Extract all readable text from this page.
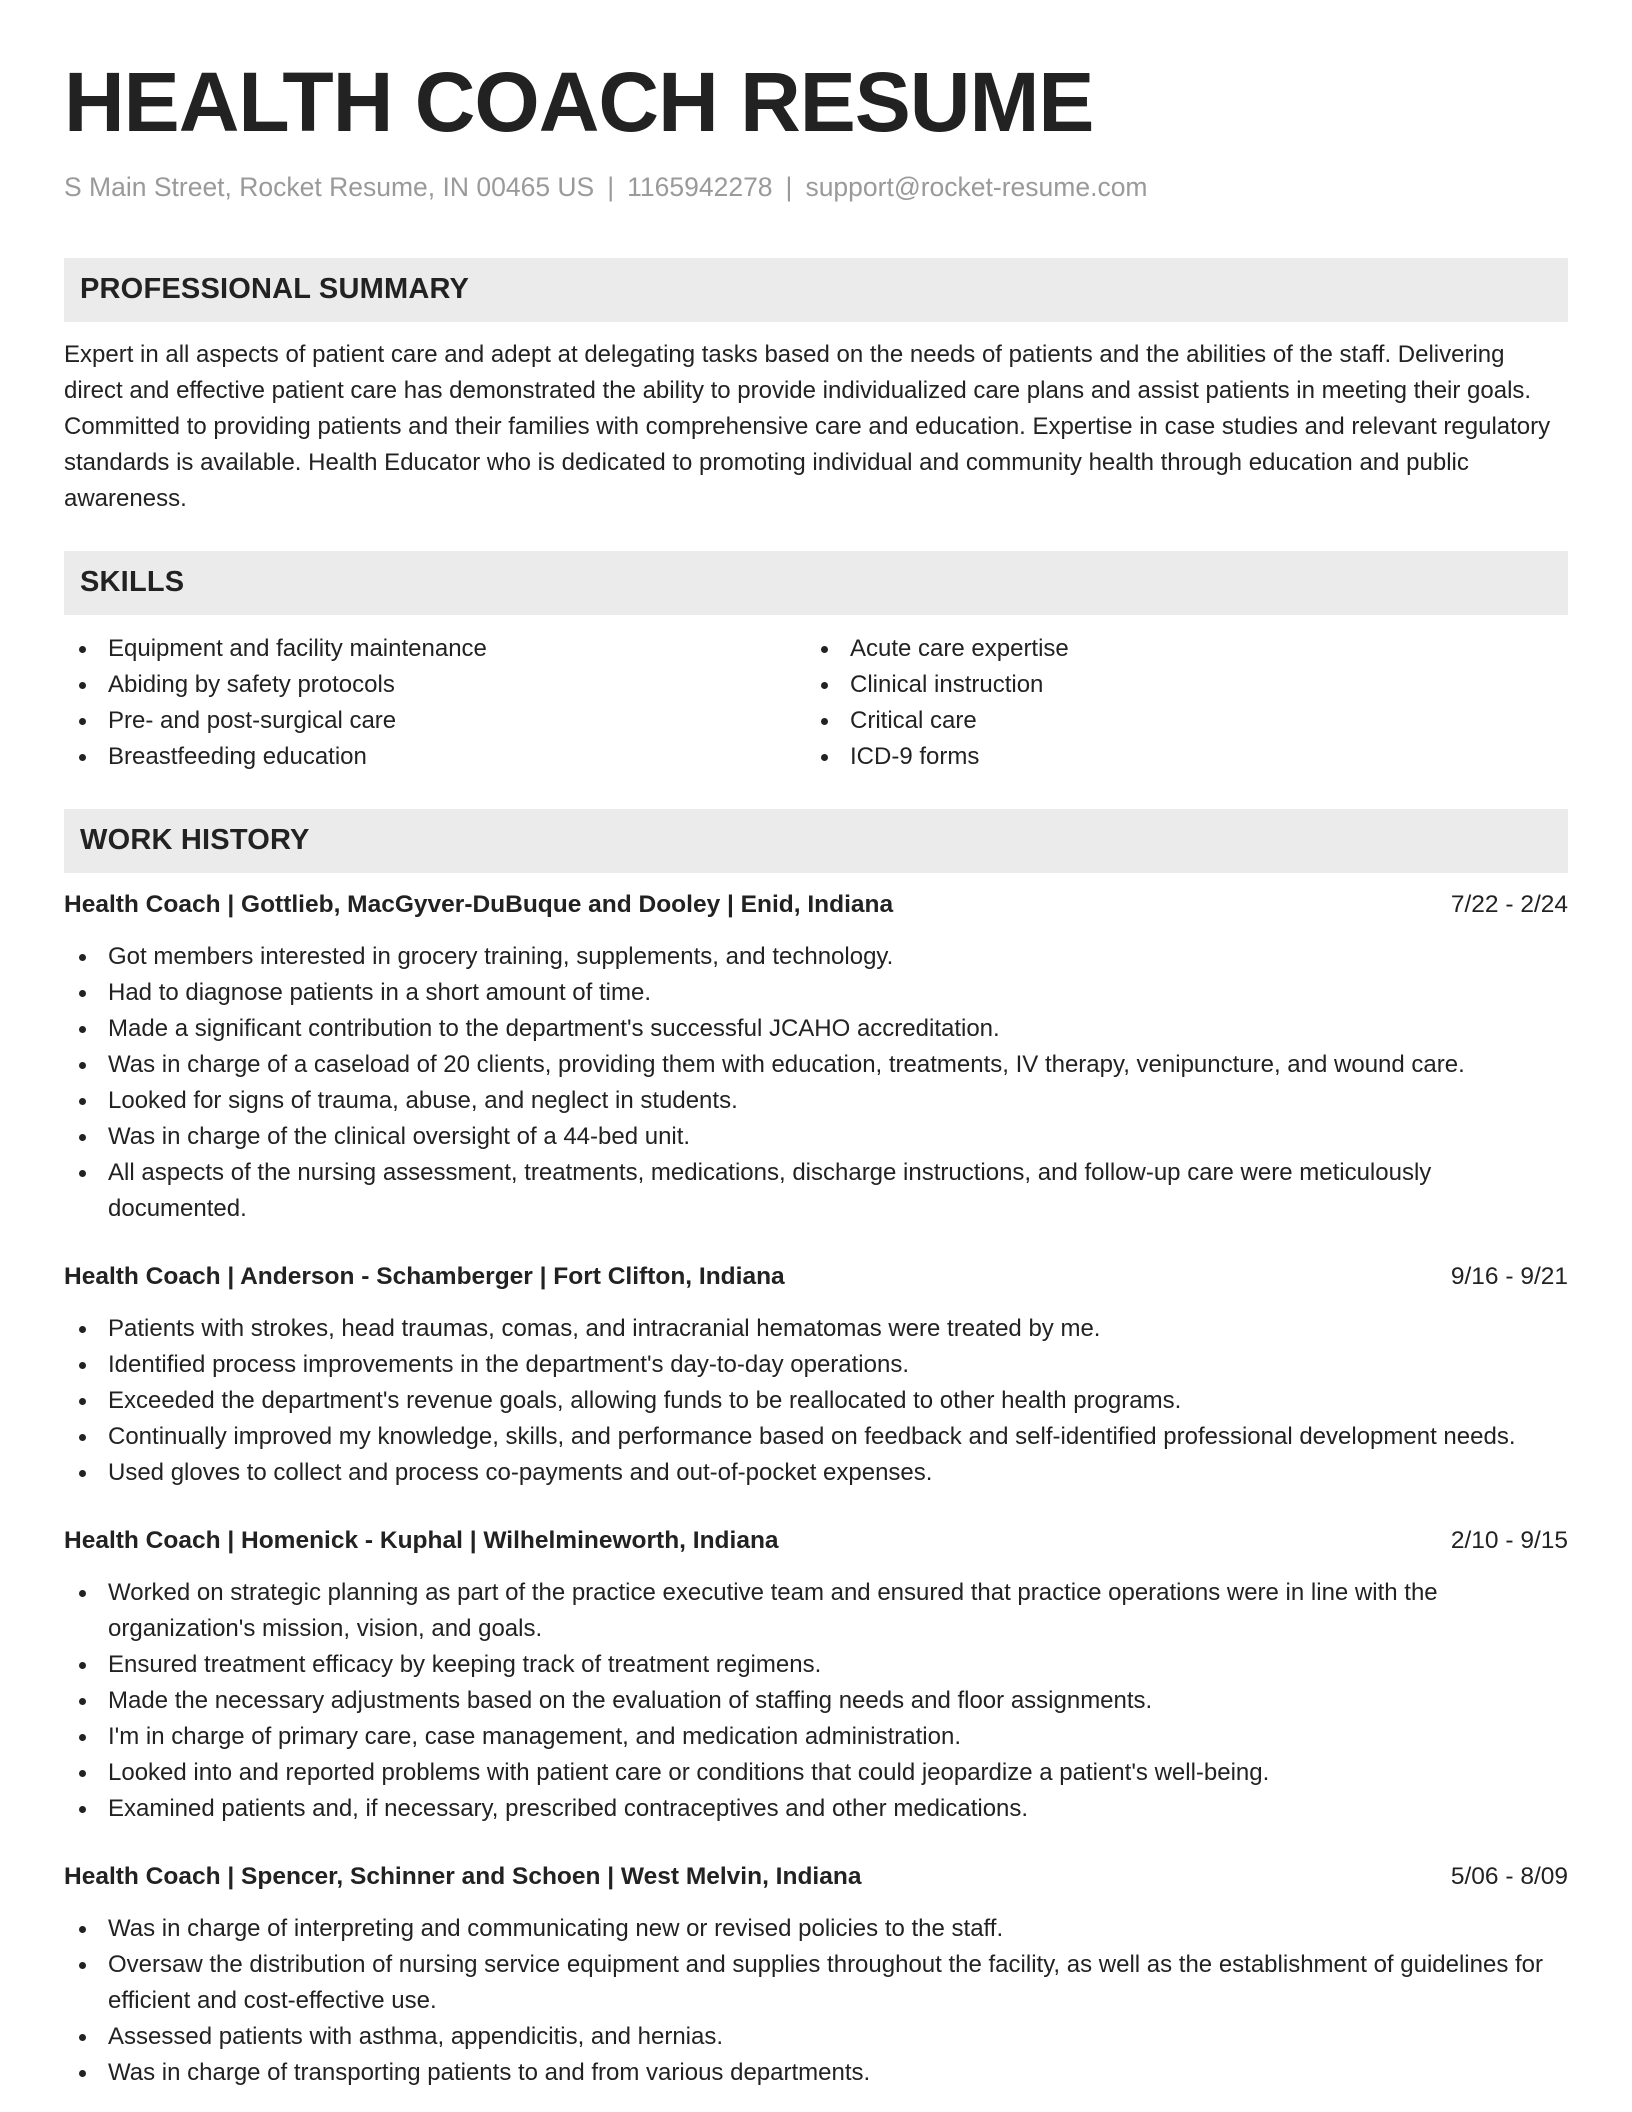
HEALTH COACH RESUME
S Main Street, Rocket Resume, IN 00465 US | 1165942278 | support@rocket-resume.com
PROFESSIONAL SUMMARY

Expert in all aspects of patient care and adept at delegating tasks based on the needs of patients and the abilities of the staff. Delivering direct and effective patient care has demonstrated the ability to provide individualized care plans and assist patients in meeting their goals. Committed to providing patients and their families with comprehensive care and education. Expertise in case studies and relevant regulatory standards is available. Health Educator who is dedicated to promoting individual and community health through education and public awareness.

SKILLS
Equipment and facility maintenance
Abiding by safety protocols
Pre- and post-surgical care
Breastfeeding education
Acute care expertise
Clinical instruction
Critical care
ICD-9 forms
WORK HISTORY
Health Coach | Gottlieb, MacGyver-DuBuque and Dooley | Enid, Indiana	7/22 - 2/24
Got members interested in grocery training, supplements, and technology.
Had to diagnose patients in a short amount of time.
Made a significant contribution to the department's successful JCAHO accreditation.
Was in charge of a caseload of 20 clients, providing them with education, treatments, IV therapy, venipuncture, and wound care.
Looked for signs of trauma, abuse, and neglect in students.
Was in charge of the clinical oversight of a 44-bed unit.
All aspects of the nursing assessment, treatments, medications, discharge instructions, and follow-up care were meticulously documented.
Health Coach | Anderson - Schamberger | Fort Clifton, Indiana	9/16 - 9/21
Patients with strokes, head traumas, comas, and intracranial hematomas were treated by me.
Identified process improvements in the department's day-to-day operations.
Exceeded the department's revenue goals, allowing funds to be reallocated to other health programs.
Continually improved my knowledge, skills, and performance based on feedback and self-identified professional development needs.
Used gloves to collect and process co-payments and out-of-pocket expenses.
Health Coach | Homenick - Kuphal | Wilhelmineworth, Indiana	2/10 - 9/15
Worked on strategic planning as part of the practice executive team and ensured that practice operations were in line with the organization's mission, vision, and goals.
Ensured treatment efficacy by keeping track of treatment regimens.
Made the necessary adjustments based on the evaluation of staffing needs and floor assignments.
I'm in charge of primary care, case management, and medication administration.
Looked into and reported problems with patient care or conditions that could jeopardize a patient's well-being.
Examined patients and, if necessary, prescribed contraceptives and other medications.
Health Coach | Spencer, Schinner and Schoen | West Melvin, Indiana	5/06 - 8/09
Was in charge of interpreting and communicating new or revised policies to the staff.
Oversaw the distribution of nursing service equipment and supplies throughout the facility, as well as the establishment of guidelines for efficient and cost-effective use.
Assessed patients with asthma, appendicitis, and hernias.
Was in charge of transporting patients to and from various departments.
